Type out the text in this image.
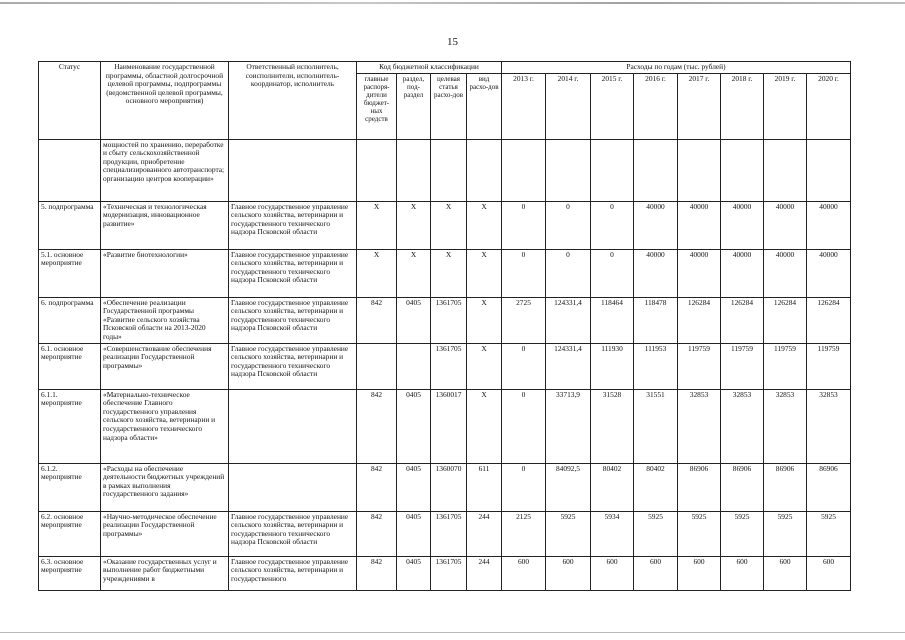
15
Статус	Наименование государственной программы, областной долгосрочной целевой программы, подпрограммы (ведомственной целевой программы, основного мероприятия)	Ответственный исполнитель, соисполнители, исполнитель-координатор, исполнитель	Код бюджетной классификации				Расходы по годам (тыс. рублей)							
			главные распоря-дители бюджет-ных средств	раздел, под-раздел	целевая статья расхо-дов	вид расхо-дов	2013 г.	2014 г.	2015 г.	2016 г.	2017 г.	2018 г.	2019 г.	2020 г.
	мощностей по хранению, переработке и сбыту сельскохозяйственной продукции, приобретение специализированного автотранспорта; организацию центров кооперации»													
5. подпрограмма	«Техническая и технологическая модернизация, инновационное развитие»	Главное государственное управление сельского хозяйства, ветеринарии и государственного технического надзора Псковской области	X	X	X	X	0	0	0	40000	40000	40000	40000	40000
5.1. основное мероприятие	«Развитие биотехнологии»	Главное государственное управление сельского хозяйства, ветеринарии и государственного технического надзора Псковской области	X	X	X	X	0	0	0	40000	40000	40000	40000	40000
6. подпрограмма	«Обеспечение реализации Государственной программы «Развитие сельского хозяйства Псковской области на 2013-2020 годы»	Главное государственное управление сельского хозяйства, ветеринарии и государственного технического надзора Псковской области	842	0405	1361705	X	2725	124331,4	118464	118478	126284	126284	126284	126284
6.1. основное мероприятие	«Совершенствование обеспечения реализации Государственной программы»	Главное государственное управление сельского хозяйства, ветеринарии и государственного технического надзора Псковской области			1361705	X	0	124331,4	111930	111953	119759	119759	119759	119759
6.1.1. мероприятие	«Материально-техническое обеспечение Главного государственного управления сельского хозяйства, ветеринарии и государственного технического надзора области»		842	0405	1360017	X	0	33713,9	31528	31551	32853	32853	32853	32853
6.1.2. мероприятие	«Расходы на обеспечение деятельности бюджетных учреждений в рамках выполнения государственного задания»		842	0405	1360070	611	0	84092,5	80402	80402	86906	86906	86906	86906
6.2. основное мероприятие	«Научно-методическое обеспечение реализации Государственной программы»	Главное государственное управление сельского хозяйства, ветеринарии и государственного технического надзора Псковской области	842	0405	1361705	244	2125	5925	5934	5925	5925	5925	5925	5925
6.3. основное мероприятие	«Оказание государственных услуг и выполнение работ бюджетными учреждениями в	Главное государственное управление сельского хозяйства, ветеринарии и государственного	842	0405	1361705	244	600	600	600	600	600	600	600	600
